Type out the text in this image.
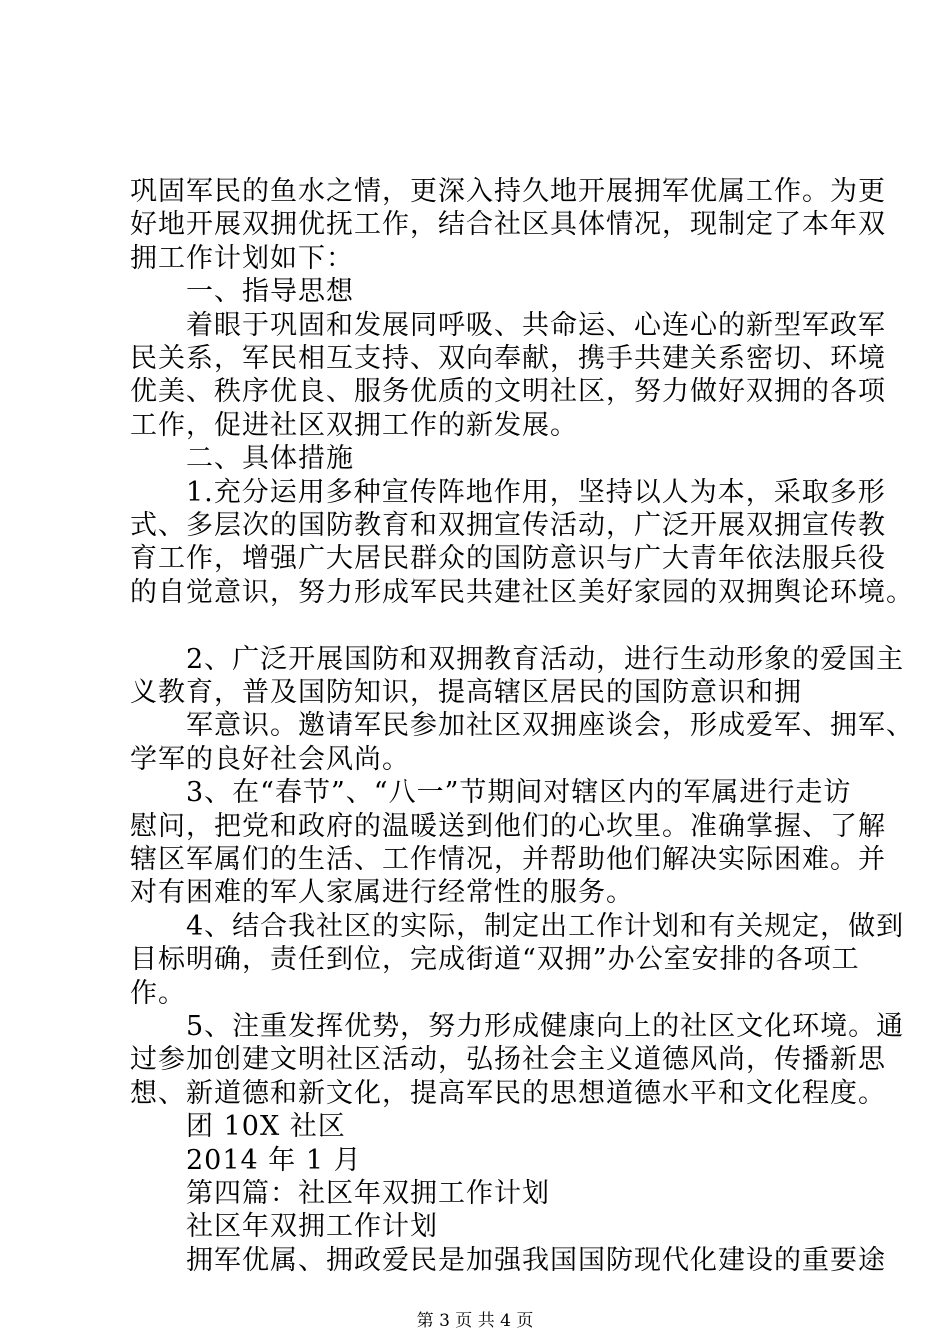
巩固军民的鱼水之情，更深入持久地开展拥军优属工作。为更
好地开展双拥优抚工作，结合社区具体情况，现制定了本年双
拥工作计划如下：
一、指导思想
着眼于巩固和发展同呼吸、共命运、心连心的新型军政军
民关系，军民相互支持、双向奉献，携手共建关系密切、环境
优美、秩序优良、服务优质的文明社区，努力做好双拥的各项
工作，促进社区双拥工作的新发展。
二、具体措施
1.充分运用多种宣传阵地作用，坚持以人为本，采取多形
式、多层次的国防教育和双拥宣传活动，广泛开展双拥宣传教
育工作，增强广大居民群众的国防意识与广大青年依法服兵役
的自觉意识，努力形成军民共建社区美好家园的双拥舆论环境。
2、广泛开展国防和双拥教育活动，进行生动形象的爱国主
义教育，普及国防知识，提高辖区居民的国防意识和拥
军意识。邀请军民参加社区双拥座谈会，形成爱军、拥军、
学军的良好社会风尚。
3、在“春节”、“八一”节期间对辖区内的军属进行走访
慰问，把党和政府的温暖送到他们的心坎里。准确掌握、了解
辖区军属们的生活、工作情况，并帮助他们解决实际困难。并
对有困难的军人家属进行经常性的服务。
4、结合我社区的实际，制定出工作计划和有关规定，做到
目标明确，责任到位，完成街道“双拥”办公室安排的各项工
作。
5、注重发挥优势，努力形成健康向上的社区文化环境。通
过参加创建文明社区活动，弘扬社会主义道德风尚，传播新思
想、新道德和新文化，提高军民的思想道德水平和文化程度。
团 10X 社区
2014 年 1 月
第四篇：社区年双拥工作计划
社区年双拥工作计划
拥军优属、拥政爱民是加强我国国防现代化建设的重要途
第 3 页 共 4 页
